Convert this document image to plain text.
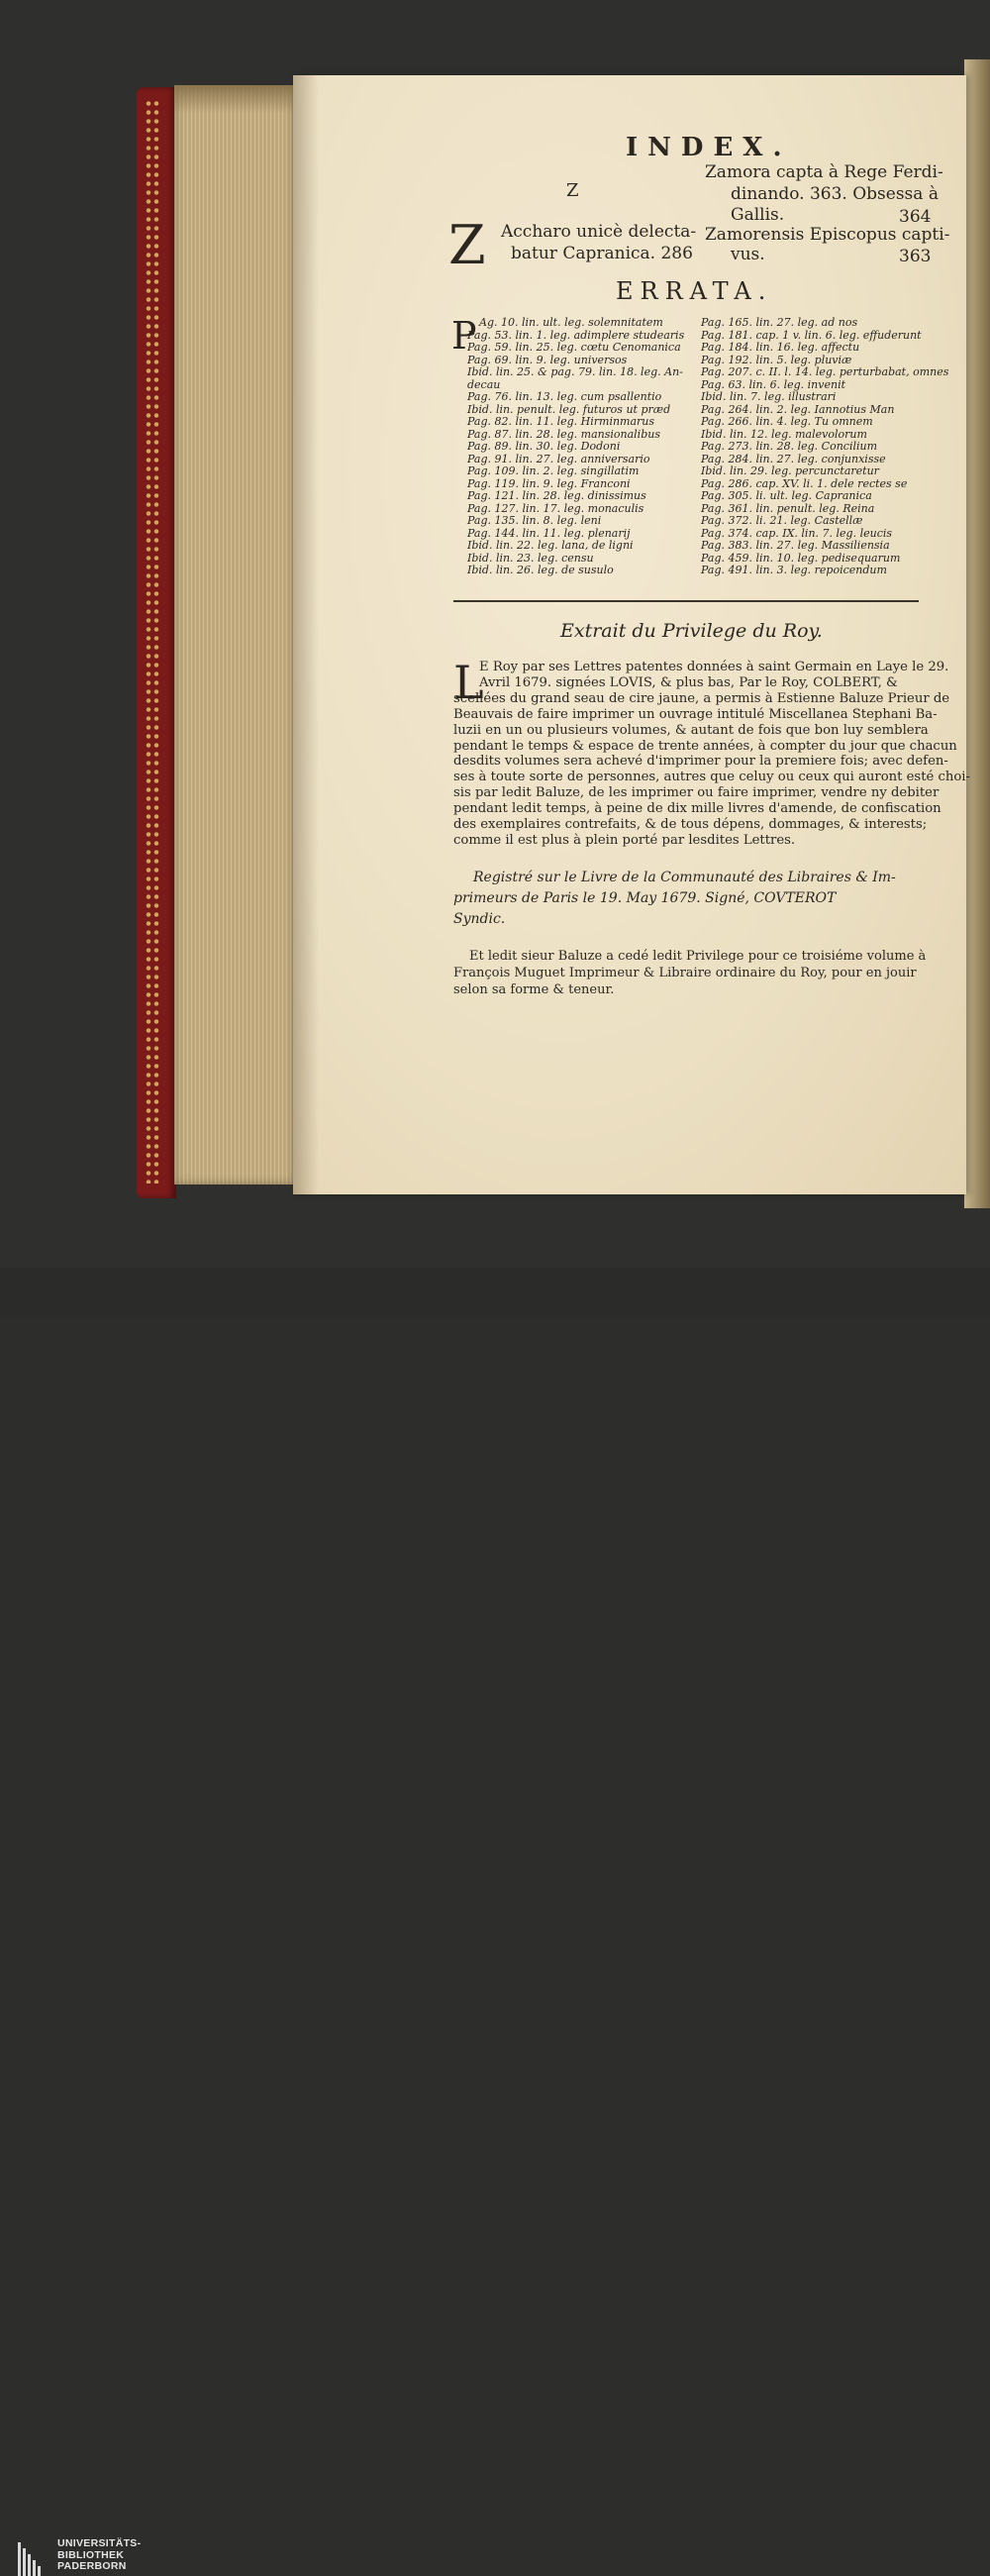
INDEX.
Z
Z Accharo unicè delecta-
batur Capranica. 286
Zamora capta à Rege Ferdi-
dinando. 363. Obsessa à
Gallis.	364
Zamorensis Episcopus capti-
vus.	363
ERRATA.
P
Extrait du Privilege du Roy.
L
Ag. 10. lin. ult. leg. solemnitatem
Pag. 53. lin. 1. leg. adimplere studearis
Pag. 59. lin. 25. leg. cœtu Cenomanica
Pag. 69. lin. 9. leg. universos
Ibid. lin. 25. & pag. 79. lin. 18. leg. An-
decau
Pag. 76. lin. 13. leg. cum psallentio
Ibid. lin. penult. leg. futuros ut præd
Pag. 82. lin. 11. leg. Hirminmarus
Pag. 87. lin. 28. leg. mansionalibus
Pag. 89. lin. 30. leg. Dodoni
Pag. 91. lin. 27. leg. anniversario
Pag. 109. lin. 2. leg. singillatim
Pag. 119. lin. 9. leg. Franconi
Pag. 121. lin. 28. leg. dinissimus
Pag. 127. lin. 17. leg. monaculis
Pag. 135. lin. 8. leg. leni
Pag. 144. lin. 11. leg. plenarij
Ibid. lin. 22. leg. lana, de ligni
Ibid. lin. 23. leg. censu
Ibid. lin. 26. leg. de susulo
Pag. 165. lin. 27. leg. ad nos
Pag. 181. cap. 1 v. lin. 6. leg. effuderunt
Pag. 184. lin. 16. leg. affectu
Pag. 192. lin. 5. leg. pluviæ
Pag. 207. c. II. l. 14. leg. perturbabat, omnes
Pag. 63. lin. 6. leg. invenit
Ibid. lin. 7. leg. illustrari
Pag. 264. lin. 2. leg. Iannotius Man
Pag. 266. lin. 4. leg. Tu omnem
Ibid. lin. 12. leg. malevolorum
Pag. 273. lin. 28. leg. Concilium
Pag. 284. lin. 27. leg. conjunxisse
Ibid. lin. 29. leg. percunctaretur
Pag. 286. cap. XV. li. 1. dele rectes se
Pag. 305. li. ult. leg. Capranica
Pag. 361. lin. penult. leg. Reina
Pag. 372. li. 21. leg. Castellæ
Pag. 374. cap. IX. lin. 7. leg. leucis
Pag. 383. lin. 27. leg. Massiliensia
Pag. 459. lin. 10. leg. pedisequarum
Pag. 491. lin. 3. leg. repoicendum
E Roy par ses Lettres patentes données à saint Germain en Laye le 29.
Avril 1679. signées LOVIS, & plus bas, Par le Roy, COLBERT, &
scellées du grand seau de cire jaune, a permis à Estienne Baluze Prieur de
Beauvais de faire imprimer un ouvrage intitulé Miscellanea Stephani Ba-
luzii en un ou plusieurs volumes, & autant de fois que bon luy semblera
pendant le temps & espace de trente années, à compter du jour que chacun
desdits volumes sera achevé d'imprimer pour la premiere fois; avec defen-
ses à toute sorte de personnes, autres que celuy ou ceux qui auront esté choi-
sis par ledit Baluze, de les imprimer ou faire imprimer, vendre ny debiter
pendant ledit temps, à peine de dix mille livres d'amende, de confiscation
des exemplaires contrefaits, & de tous dépens, dommages, & interests;
comme il est plus à plein porté par lesdites Lettres.
Registré sur le Livre de la Communauté des Libraires & Im-
primeurs de Paris le 19. May 1679. Signé, COVTEROT
Syndic.
Et ledit sieur Baluze a cedé ledit Privilege pour ce troisiéme volume à
François Muguet Imprimeur & Libraire ordinaire du Roy, pour en jouir
selon sa forme & teneur.
UNIVERSITÄTS-
BIBLIOTHEK
PADERBORN
